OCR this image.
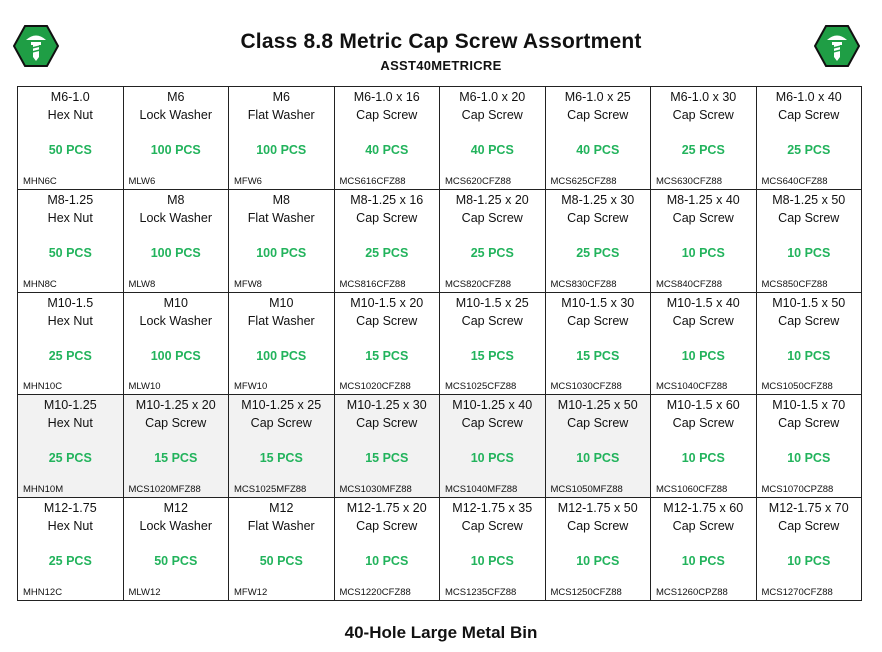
Class 8.8 Metric Cap Screw Assortment
ASST40METRICRE
M6-1.0
Hex Nut
50 PCS
MHN6C
M6
Lock Washer
100 PCS
MLW6
M6
Flat Washer
100 PCS
MFW6
M6-1.0 x 16
Cap Screw
40 PCS
MCS616CFZ88
M6-1.0 x 20
Cap Screw
40 PCS
MCS620CFZ88
M6-1.0 x 25
Cap Screw
40 PCS
MCS625CFZ88
M6-1.0 x 30
Cap Screw
25 PCS
MCS630CFZ88
M6-1.0 x 40
Cap Screw
25 PCS
MCS640CFZ88
M8-1.25
Hex Nut
50 PCS
MHN8C
M8
Lock Washer
100 PCS
MLW8
M8
Flat Washer
100 PCS
MFW8
M8-1.25 x 16
Cap Screw
25 PCS
MCS816CFZ88
M8-1.25 x 20
Cap Screw
25 PCS
MCS820CFZ88
M8-1.25 x 30
Cap Screw
25 PCS
MCS830CFZ88
M8-1.25 x 40
Cap Screw
10 PCS
MCS840CFZ88
M8-1.25 x 50
Cap Screw
10 PCS
MCS850CFZ88
M10-1.5
Hex Nut
25 PCS
MHN10C
M10
Lock Washer
100 PCS
MLW10
M10
Flat Washer
100 PCS
MFW10
M10-1.5 x 20
Cap Screw
15 PCS
MCS1020CFZ88
M10-1.5 x 25
Cap Screw
15 PCS
MCS1025CFZ88
M10-1.5 x 30
Cap Screw
15 PCS
MCS1030CFZ88
M10-1.5 x 40
Cap Screw
10 PCS
MCS1040CFZ88
M10-1.5 x 50
Cap Screw
10 PCS
MCS1050CFZ88
M10-1.25
Hex Nut
25 PCS
MHN10M
M10-1.25 x 20
Cap Screw
15 PCS
MCS1020MFZ88
M10-1.25 x 25
Cap Screw
15 PCS
MCS1025MFZ88
M10-1.25 x 30
Cap Screw
15 PCS
MCS1030MFZ88
M10-1.25 x 40
Cap Screw
10 PCS
MCS1040MFZ88
M10-1.25 x 50
Cap Screw
10 PCS
MCS1050MFZ88
M10-1.5 x 60
Cap Screw
10 PCS
MCS1060CFZ88
M10-1.5 x 70
Cap Screw
10 PCS
MCS1070CPZ88
M12-1.75
Hex Nut
25 PCS
MHN12C
M12
Lock Washer
50 PCS
MLW12
M12
Flat Washer
50 PCS
MFW12
M12-1.75 x 20
Cap Screw
10 PCS
MCS1220CFZ88
M12-1.75 x 35
Cap Screw
10 PCS
MCS1235CFZ88
M12-1.75 x 50
Cap Screw
10 PCS
MCS1250CFZ88
M12-1.75 x 60
Cap Screw
10 PCS
MCS1260CPZ88
M12-1.75 x 70
Cap Screw
10 PCS
MCS1270CFZ88
40-Hole Large Metal Bin
